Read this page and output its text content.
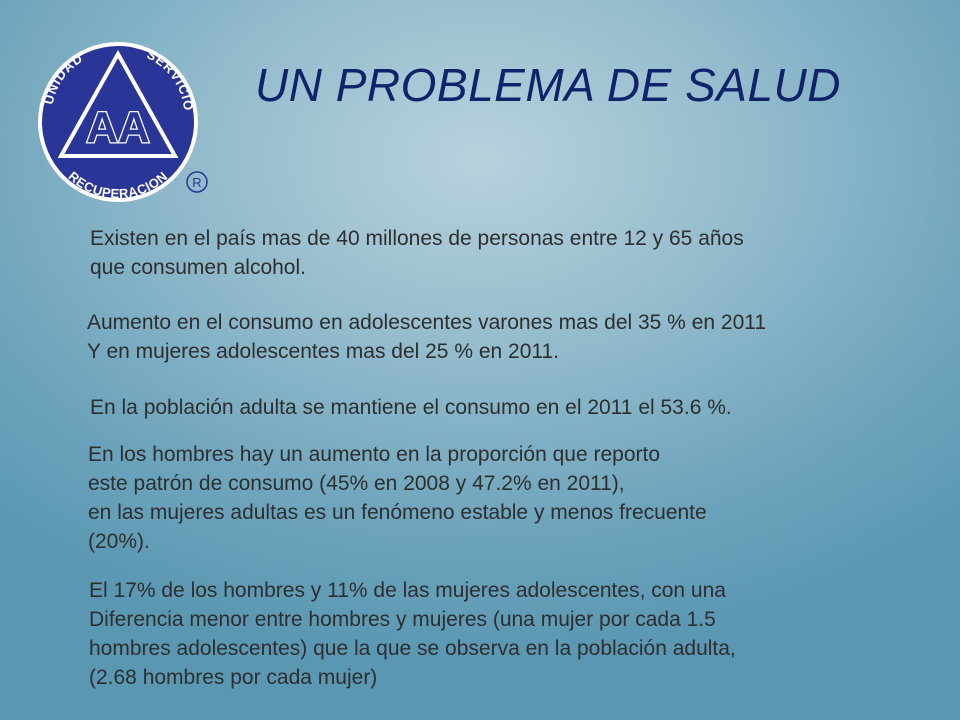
UNIDAD	SERVICIO
RECUPERACION
AA
R
UN PROBLEMA DE SALUD

Existen en el país mas de 40 millones de personas entre 12 y 65 años
que consumen alcohol.

Aumento en el consumo en adolescentes varones mas del 35 % en 2011
Y en mujeres adolescentes mas del 25 % en 2011.

En la población adulta se mantiene el consumo en el 2011 el 53.6 %.

En los hombres hay un aumento en la proporción que reporto
este patrón de consumo (45% en 2008 y 47.2% en 2011),
en las mujeres adultas es un fenómeno estable y menos frecuente
(20%).

El 17% de los hombres y 11% de las mujeres adolescentes, con una
Diferencia menor entre hombres y mujeres (una mujer por cada 1.5
hombres adolescentes) que la que se observa en la población adulta,
(2.68 hombres por cada mujer)
